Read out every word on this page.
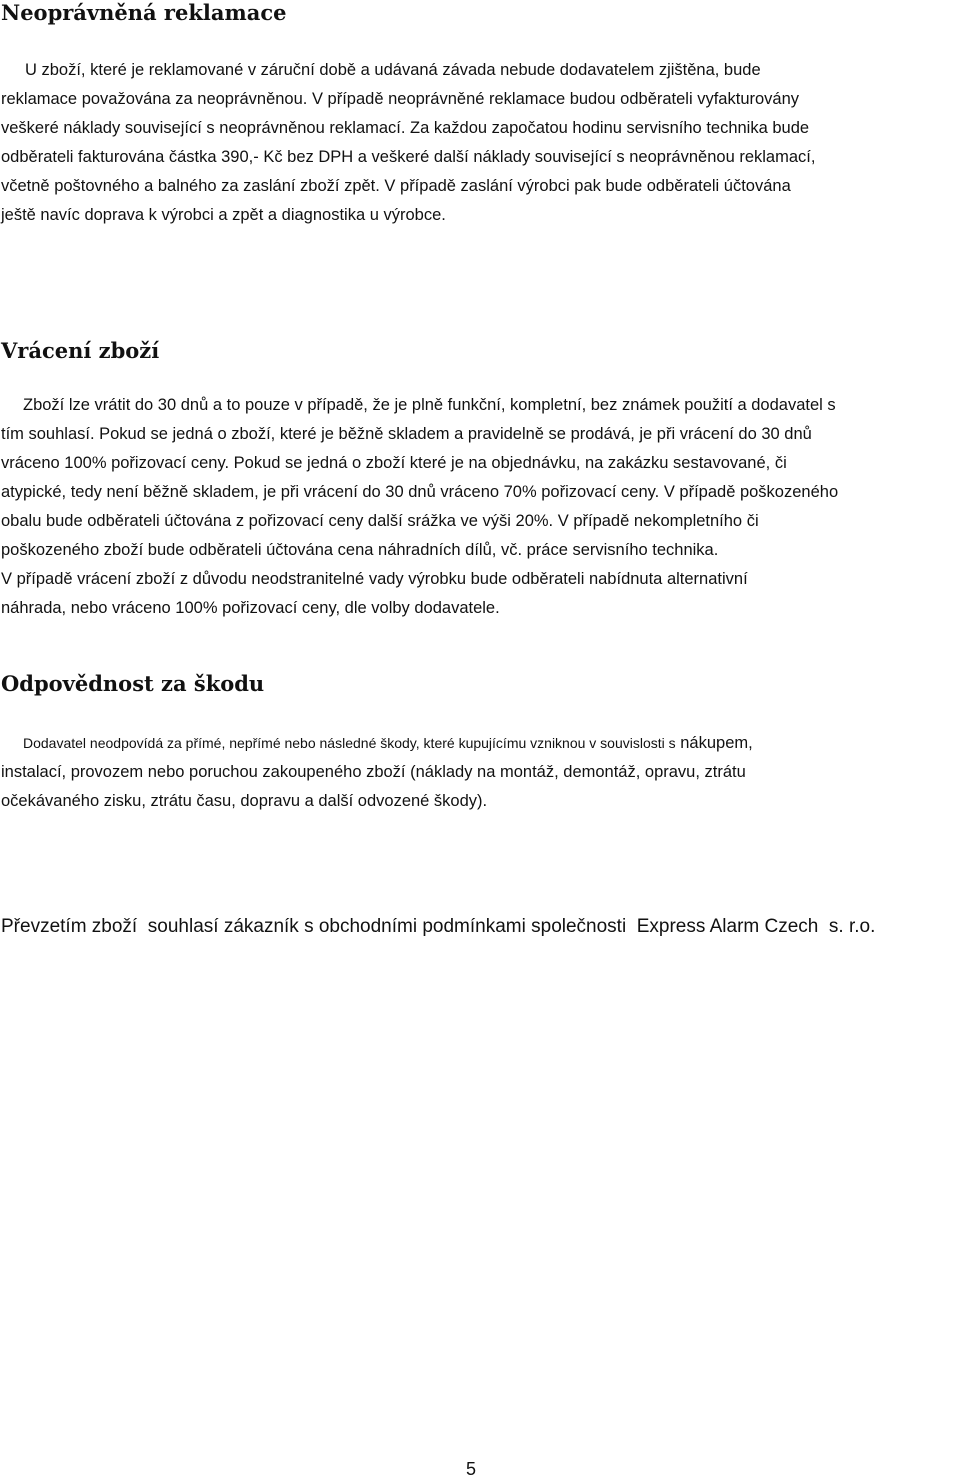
Neoprávněná reklamace
U zboží, které je reklamované v záruční době a udávaná závada nebude dodavatelem zjištěna, bude
reklamace považována za neoprávněnou. V případě neoprávněné reklamace budou odběrateli vyfakturovány
veškeré náklady související s neoprávněnou reklamací. Za každou započatou hodinu servisního technika bude
odběrateli fakturována částka 390,- Kč bez DPH a veškeré další náklady související s neoprávněnou reklamací,
včetně poštovného a balného za zaslání zboží zpět. V případě zaslání výrobci pak bude odběrateli účtována
ještě navíc doprava k výrobci a zpět a diagnostika u výrobce.
Vrácení zboží
Zboží lze vrátit do 30 dnů a to pouze v případě, že je plně funkční, kompletní, bez známek použití a dodavatel s
tím souhlasí. Pokud se jedná o zboží, které je běžně skladem a pravidelně se prodává, je při vrácení do 30 dnů
vráceno 100% pořizovací ceny. Pokud se jedná o zboží které je na objednávku, na zakázku sestavované, či
atypické, tedy není běžně skladem, je při vrácení do 30 dnů vráceno 70% pořizovací ceny. V případě poškozeného
obalu bude odběrateli účtována z pořizovací ceny další srážka ve výši 20%. V případě nekompletního či
poškozeného zboží bude odběrateli účtována cena náhradních dílů, vč. práce servisního technika.
V případě vrácení zboží z důvodu neodstranitelné vady výrobku bude odběrateli nabídnuta alternativní
náhrada, nebo vráceno 100% pořizovací ceny, dle volby dodavatele.
Odpovědnost za škodu
Dodavatel neodpovídá za přímé, nepřímé nebo následné škody, které kupujícímu vzniknou v souvislosti s nákupem,
instalací, provozem nebo poruchou zakoupeného zboží (náklady na montáž, demontáž, opravu, ztrátu
očekávaného zisku, ztrátu času, dopravu a další odvozené škody).

Převzetím zboží  souhlasí zákazník s obchodními podmínkami společnosti  Express Alarm Czech  s. r.o.

5
